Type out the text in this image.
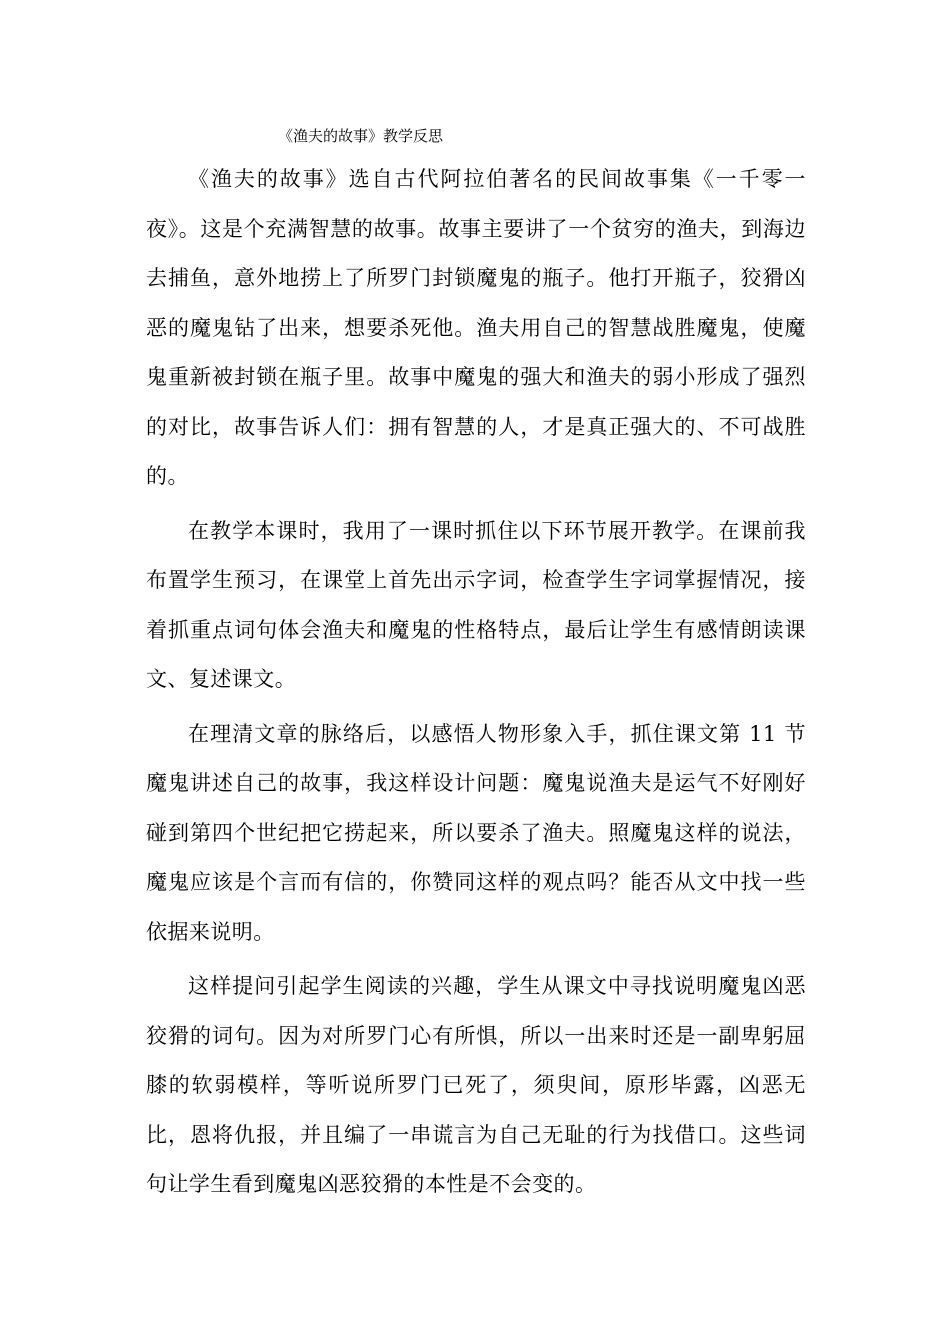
《渔夫的故事》教学反思

《渔夫的故事》选自古代阿拉伯著名的民间故事集《一千零一夜》。这是个充满智慧的故事。故事主要讲了一个贫穷的渔夫，到海边去捕鱼，意外地捞上了所罗门封锁魔鬼的瓶子。他打开瓶子，狡猾凶恶的魔鬼钻了出来，想要杀死他。渔夫用自己的智慧战胜魔鬼，使魔鬼重新被封锁在瓶子里。故事中魔鬼的强大和渔夫的弱小形成了强烈的对比，故事告诉人们：拥有智慧的人，才是真正强大的、不可战胜的。

在教学本课时，我用了一课时抓住以下环节展开教学。在课前我布置学生预习，在课堂上首先出示字词，检查学生字词掌握情况，接着抓重点词句体会渔夫和魔鬼的性格特点，最后让学生有感情朗读课文、复述课文。

在理清文章的脉络后，以感悟人物形象入手，抓住课文第 11 节魔鬼讲述自己的故事，我这样设计问题：魔鬼说渔夫是运气不好刚好碰到第四个世纪把它捞起来，所以要杀了渔夫。照魔鬼这样的说法，魔鬼应该是个言而有信的，你赞同这样的观点吗？能否从文中找一些依据来说明。

这样提问引起学生阅读的兴趣，学生从课文中寻找说明魔鬼凶恶狡猾的词句。因为对所罗门心有所惧，所以一出来时还是一副卑躬屈膝的软弱模样，等听说所罗门已死了，须臾间，原形毕露，凶恶无比，恩将仇报，并且编了一串谎言为自己无耻的行为找借口。这些词句让学生看到魔鬼凶恶狡猾的本性是不会变的。
